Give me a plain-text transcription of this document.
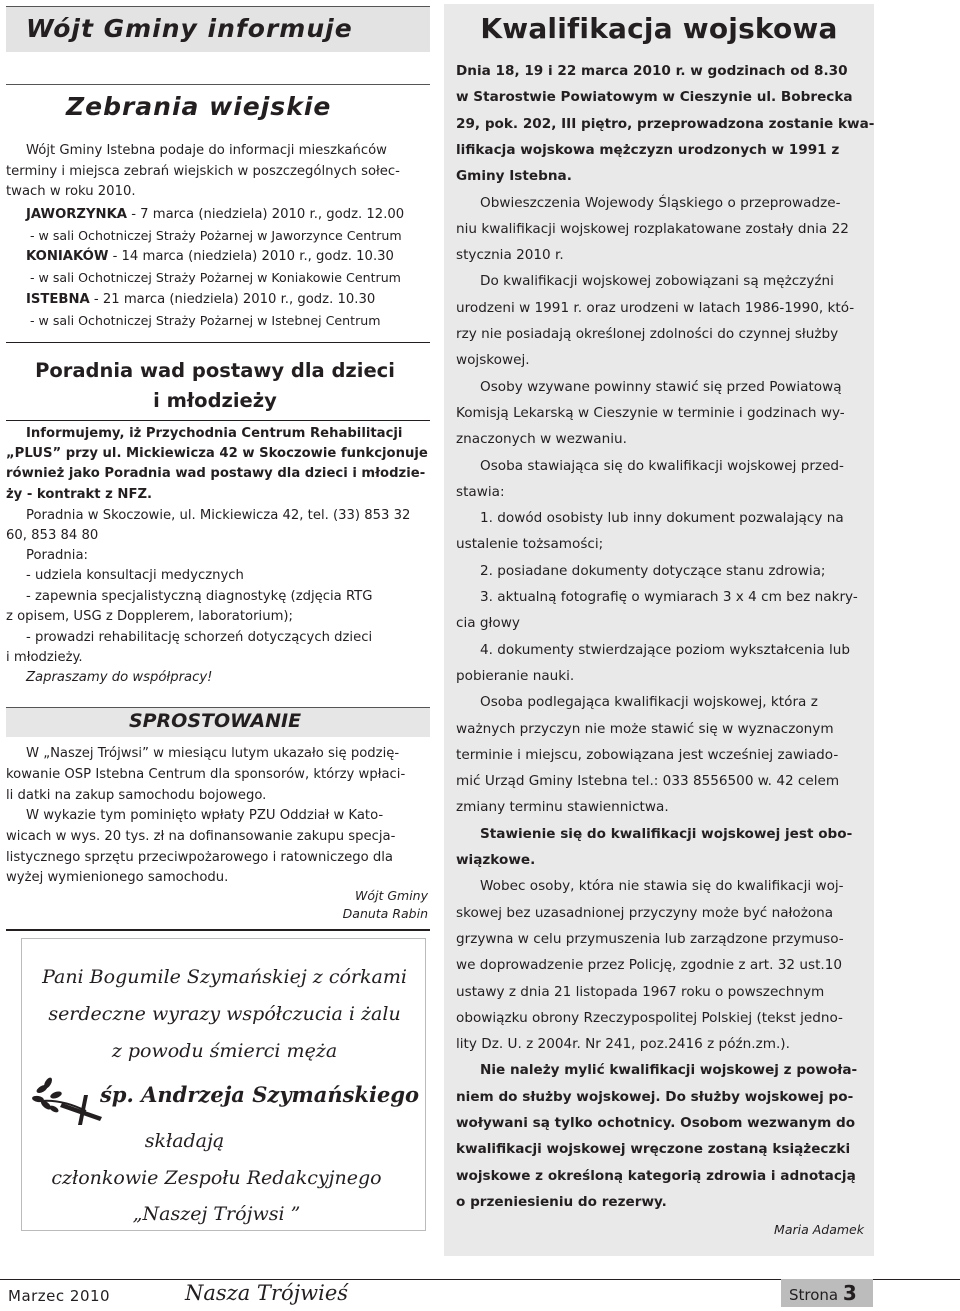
Wójt Gminy informuje
Zebrania wiejskie
Wójt Gminy Istebna podaje do informacji mieszkańców
terminy i miejsca zebrań wiejskich w poszczególnych sołec-
twach w roku 2010.
JAWORZYNKA - 7 marca (niedziela) 2010 r., godz. 12.00
- w sali Ochotniczej Straży Pożarnej w Jaworzynce Centrum
KONIAKÓW - 14 marca (niedziela) 2010 r., godz. 10.30
- w sali Ochotniczej Straży Pożarnej w Koniakowie Centrum
ISTEBNA - 21 marca (niedziela) 2010 r., godz. 10.30
- w sali Ochotniczej Straży Pożarnej w Istebnej Centrum
Poradnia wad postawy dla dzieci
i młodzieży
Informujemy, iż Przychodnia Centrum Rehabilitacji
„PLUS” przy ul. Mickiewicza 42 w Skoczowie funkcjonuje
również jako Poradnia wad postawy dla dzieci i młodzie-
ży - kontrakt z NFZ.
Poradnia w Skoczowie, ul. Mickiewicza 42, tel. (33) 853 32
60, 853 84 80
Poradnia:
- udziela konsultacji medycznych
- zapewnia specjalistyczną diagnostykę (zdjęcia RTG
z opisem, USG z Dopplerem, laboratorium);
- prowadzi rehabilitację schorzeń dotyczących dzieci
i młodzieży.
Zapraszamy do współpracy!
SPROSTOWANIE
W „Naszej Trójwsi” w miesiącu lutym ukazało się podzię-
kowanie OSP Istebna Centrum dla sponsorów, którzy wpłaci-
li datki na zakup samochodu bojowego.
W wykazie tym pominięto wpłaty PZU Oddział w Kato-
wicach w wys. 20 tys. zł na dofinansowanie zakupu specja-
listycznego sprzętu przeciwpożarowego i ratowniczego dla
wyżej wymienionego samochodu.
Wójt Gminy
Danuta Rabin
Pani Bogumile Szymańskiej z córkami
serdeczne wyrazy współczucia i żalu
z powodu śmierci męża
śp. Andrzeja Szymańskiego
składają
członkowie Zespołu Redakcyjnego
„Naszej Trójwsi ”
Kwalifikacja wojskowa
Dnia 18, 19 i 22 marca 2010 r. w godzinach od 8.30
w Starostwie Powiatowym w Cieszynie ul. Bobrecka
29, pok. 202, III piętro, przeprowadzona zostanie kwa-
lifikacja wojskowa mężczyzn urodzonych w 1991 z
Gminy Istebna.
Obwieszczenia Wojewody Śląskiego o przeprowadze-
niu kwalifikacji wojskowej rozplakatowane zostały dnia 22
stycznia 2010 r.
Do kwalifikacji wojskowej zobowiązani są mężczyźni
urodzeni w 1991 r. oraz urodzeni w latach 1986-1990, któ-
rzy nie posiadają określonej zdolności do czynnej służby
wojskowej.
Osoby wzywane powinny stawić się przed Powiatową
Komisją Lekarską w Cieszynie w terminie i godzinach wy-
znaczonych w wezwaniu.
Osoba stawiająca się do kwalifikacji wojskowej przed-
stawia:
1. dowód osobisty lub inny dokument pozwalający na
ustalenie tożsamości;
2. posiadane dokumenty dotyczące stanu zdrowia;
3. aktualną fotografię o wymiarach 3 x 4 cm bez nakry-
cia głowy
4. dokumenty stwierdzające poziom wykształcenia lub
pobieranie nauki.
Osoba podlegająca kwalifikacji wojskowej, która z
ważnych przyczyn nie może stawić się w wyznaczonym
terminie i miejscu, zobowiązana jest wcześniej zawiado-
mić Urząd Gminy Istebna tel.: 033 8556500 w. 42 celem
zmiany terminu stawiennictwa.
Stawienie się do kwalifikacji wojskowej jest obo-
wiązkowe.
Wobec osoby, która nie stawia się do kwalifikacji woj-
skowej bez uzasadnionej przyczyny może być nałożona
grzywna w celu przymuszenia lub zarządzone przymuso-
we doprowadzenie przez Policję, zgodnie z art. 32 ust.10
ustawy z dnia 21 listopada 1967 roku o powszechnym
obowiązku obrony Rzeczypospolitej Polskiej (tekst jedno-
lity Dz. U. z 2004r. Nr 241, poz.2416 z późn.zm.).
Nie należy mylić kwalifikacji wojskowej z powoła-
niem do służby wojskowej. Do służby wojskowej po-
woływani są tylko ochotnicy. Osobom wezwanym do
kwalifikacji wojskowej wręczone zostaną książeczki
wojskowe z określoną kategorią zdrowia i adnotacją
o przeniesieniu do rezerwy.
Maria Adamek
Marzec 2010	Nasza Trójwieś	Strona 3
